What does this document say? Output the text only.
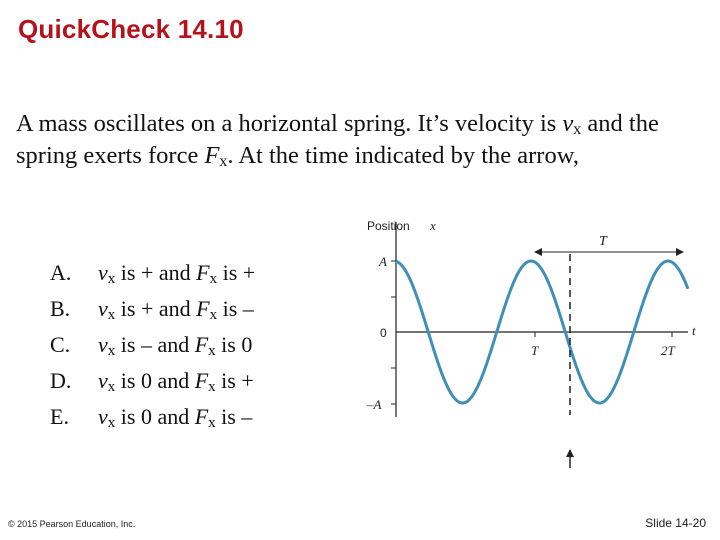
QuickCheck 14.10
A mass oscillates on a horizontal spring. It’s velocity is $v_x$ and the spring exerts force $F_x$. At the time indicated by the arrow,
A. $v_x$ is + and $F_x$ is +
B. $v_x$ is + and $F_x$ is –
C. $v_x$ is – and $F_x$ is 0
D. $v_x$ is 0 and $F_x$ is +
E. $v_x$ is 0 and $F_x$ is –
Position x
A
0
–A
T	2T
t
T
© 2015 Pearson Education, Inc.	Slide 14-20
